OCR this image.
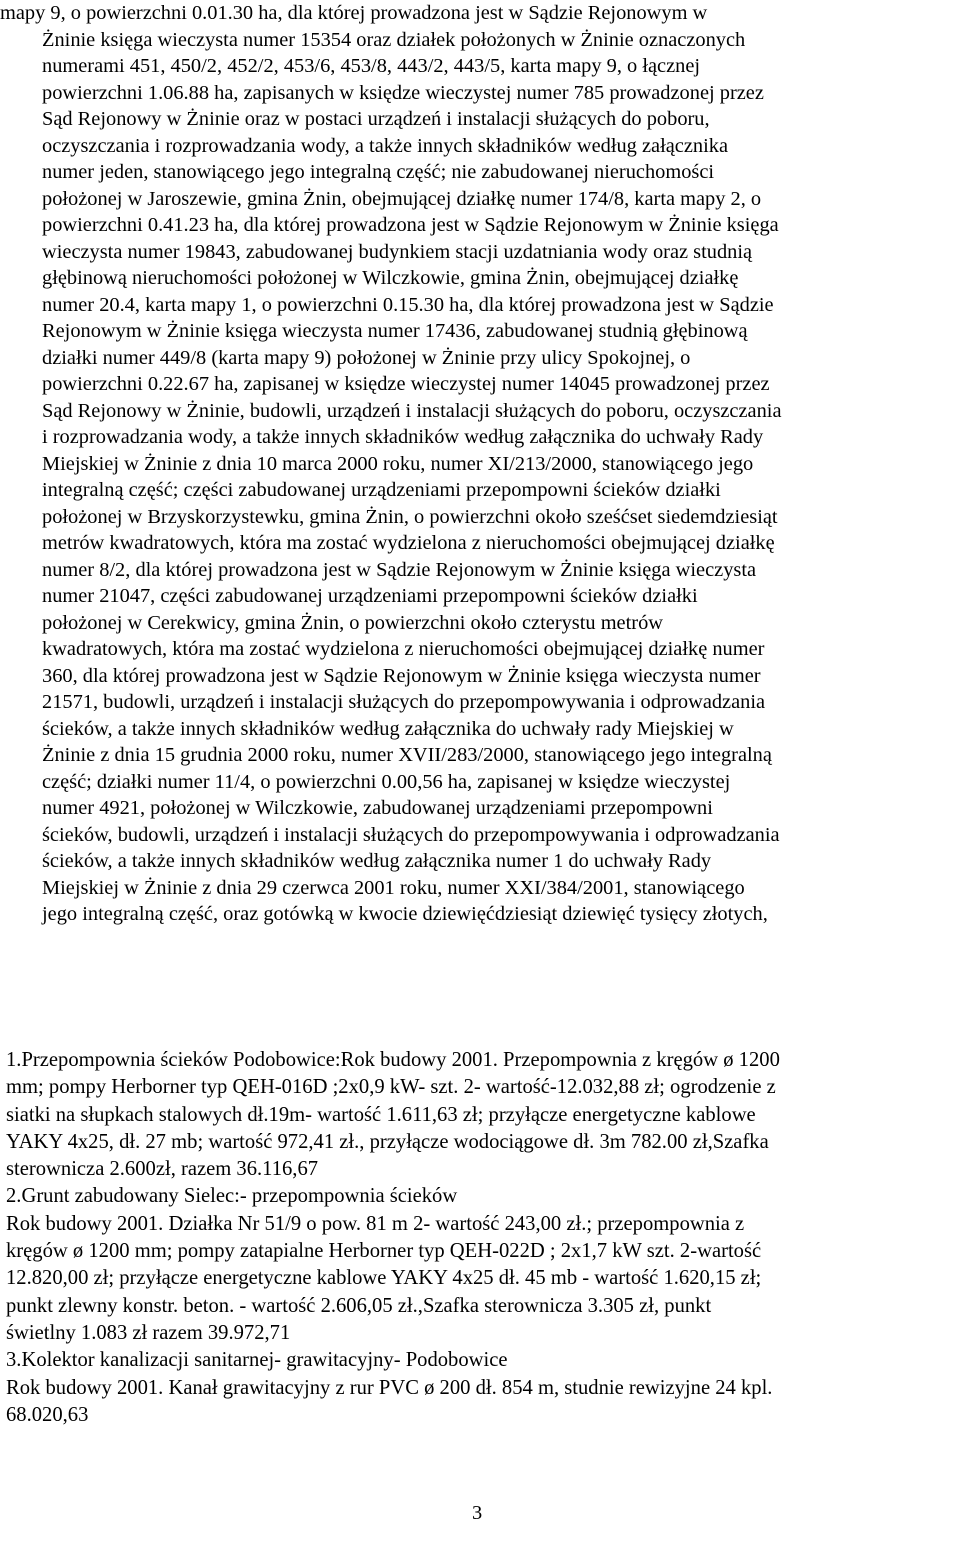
mapy 9, o powierzchni 0.01.30 ha, dla której prowadzona jest w Sądzie Rejonowym w
Żninie księga wieczysta numer 15354 oraz działek położonych w Żninie oznaczonych
numerami 451, 450/2, 452/2, 453/6, 453/8, 443/2, 443/5, karta mapy 9, o łącznej
powierzchni 1.06.88 ha, zapisanych w księdze wieczystej numer 785 prowadzonej przez
Sąd Rejonowy w Żninie oraz w postaci urządzeń i instalacji służących do poboru,
oczyszczania i rozprowadzania wody, a także innych składników według załącznika
numer jeden, stanowiącego jego integralną część; nie zabudowanej nieruchomości
położonej w Jaroszewie, gmina Żnin, obejmującej działkę numer 174/8, karta mapy 2, o
powierzchni 0.41.23 ha, dla której prowadzona jest w Sądzie Rejonowym w Żninie księga
wieczysta numer 19843, zabudowanej budynkiem stacji uzdatniania wody oraz studnią
głębinową nieruchomości położonej w Wilczkowie, gmina Żnin, obejmującej działkę
numer 20.4, karta mapy 1, o powierzchni 0.15.30 ha, dla której prowadzona jest w Sądzie
Rejonowym w Żninie księga wieczysta numer 17436, zabudowanej studnią głębinową
działki numer 449/8 (karta mapy 9) położonej w Żninie przy ulicy Spokojnej, o
powierzchni 0.22.67 ha, zapisanej w księdze wieczystej numer 14045 prowadzonej przez
Sąd Rejonowy w Żninie, budowli, urządzeń i instalacji służących do poboru, oczyszczania
i rozprowadzania wody, a także innych składników według załącznika do uchwały Rady
Miejskiej w Żninie z dnia 10 marca 2000 roku, numer XI/213/2000, stanowiącego jego
integralną część; części zabudowanej urządzeniami przepompowni ścieków działki
położonej w Brzyskorzystewku, gmina Żnin, o powierzchni około sześćset siedemdziesiąt
metrów kwadratowych, która ma zostać wydzielona z nieruchomości obejmującej działkę
numer 8/2, dla której prowadzona jest w Sądzie Rejonowym w Żninie księga wieczysta
numer 21047, części zabudowanej urządzeniami przepompowni ścieków działki
położonej w Cerekwicy, gmina Żnin, o powierzchni około czterystu metrów
kwadratowych, która ma zostać wydzielona z nieruchomości obejmującej działkę numer
360, dla której prowadzona jest w Sądzie Rejonowym w Żninie księga wieczysta numer
21571, budowli, urządzeń i instalacji służących do przepompowywania i odprowadzania
ścieków, a także innych składników według załącznika do uchwały rady Miejskiej w
Żninie z dnia 15 grudnia 2000 roku, numer XVII/283/2000, stanowiącego jego integralną
część; działki numer 11/4, o powierzchni 0.00,56 ha, zapisanej w księdze wieczystej
numer 4921, położonej w Wilczkowie, zabudowanej urządzeniami przepompowni
ścieków, budowli, urządzeń i instalacji służących do przepompowywania i odprowadzania
ścieków, a także innych składników według załącznika numer 1 do uchwały Rady
Miejskiej w Żninie z dnia 29 czerwca 2001 roku, numer XXI/384/2001, stanowiącego
jego integralną część, oraz gotówką w kwocie dziewięćdziesiąt dziewięć tysięcy złotych,
1.Przepompownia ścieków Podobowice:Rok budowy 2001. Przepompownia z kręgów ø 1200
mm; pompy Herborner typ QEH-016D ;2x0,9 kW- szt. 2- wartość-12.032,88 zł; ogrodzenie z
siatki na słupkach stalowych dł.19m- wartość 1.611,63 zł; przyłącze energetyczne kablowe
YAKY 4x25, dł. 27 mb; wartość 972,41 zł., przyłącze wodociągowe dł. 3m 782.00 zł,Szafka
sterownicza 2.600zł, razem 36.116,67
2.Grunt zabudowany Sielec:- przepompownia ścieków
Rok budowy 2001. Działka Nr 51/9 o pow. 81 m 2- wartość 243,00 zł.; przepompownia z
kręgów ø 1200 mm; pompy zatapialne Herborner typ QEH-022D ; 2x1,7 kW szt. 2-wartość
12.820,00 zł; przyłącze energetyczne kablowe YAKY 4x25 dł. 45 mb - wartość 1.620,15 zł;
punkt zlewny konstr. beton. - wartość 2.606,05 zł.,Szafka sterownicza 3.305 zł, punkt
świetlny 1.083 zł razem 39.972,71
3.Kolektor kanalizacji sanitarnej- grawitacyjny- Podobowice
Rok budowy 2001. Kanał grawitacyjny z rur PVC ø 200 dł. 854 m, studnie rewizyjne 24 kpl.
68.020,63
3
